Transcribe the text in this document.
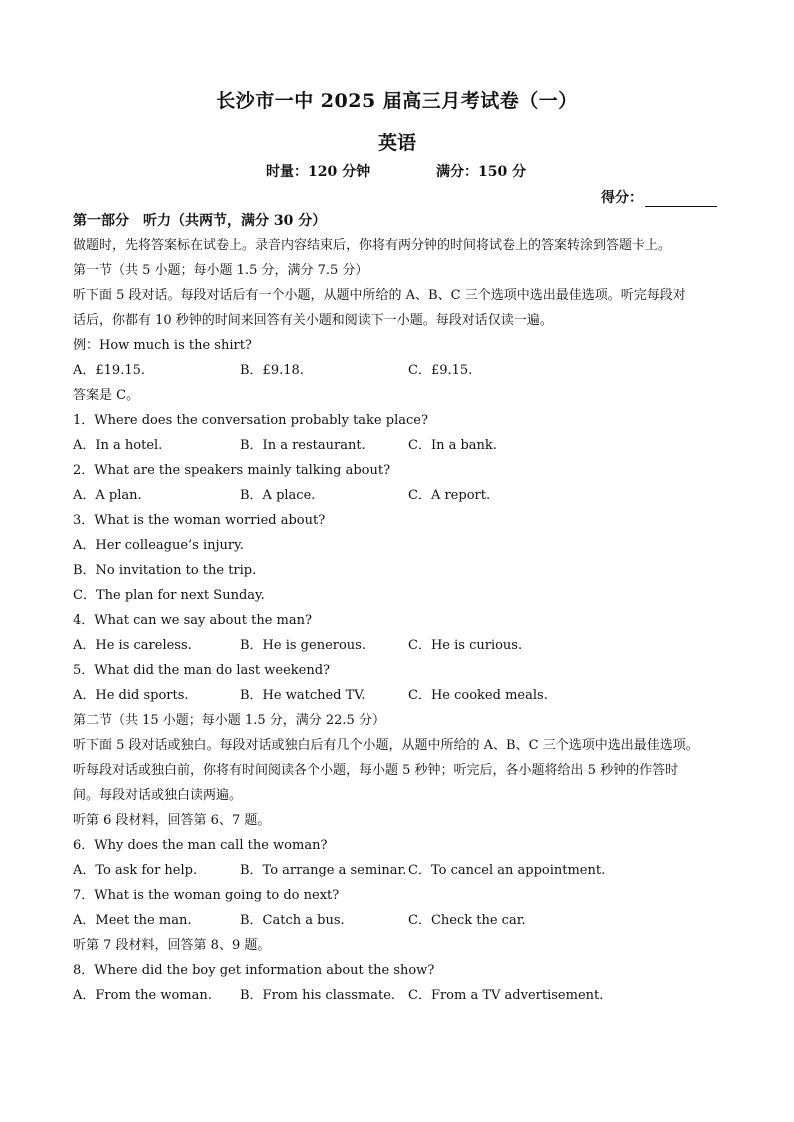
长沙市一中 2025 届高三月考试卷（一）
英语
时量：120 分钟	满分：150 分
得分：
第一部分　听力（共两节，满分 30 分）
做题时，先将答案标在试卷上。录音内容结束后，你将有两分钟的时间将试卷上的答案转涂到答题卡上。
第一节（共 5 小题；每小题 1.5 分，满分 7.5 分）
听下面 5 段对话。每段对话后有一个小题，从题中所给的 A、B、C 三个选项中选出最佳选项。听完每段对
话后，你都有 10 秒钟的时间来回答有关小题和阅读下一小题。每段对话仅读一遍。
例：How much is the shirt?
A．£19.15.	B．£9.18.	C．£9.15.
答案是 C。
1．Where does the conversation probably take place?
A．In a hotel.	B．In a restaurant.	C．In a bank.
2．What are the speakers mainly talking about?
A．A plan.	B．A place.	C．A report.
3．What is the woman worried about?
A．Her colleague’s injury.
B．No invitation to the trip.
C．The plan for next Sunday.
4．What can we say about the man?
A．He is careless.	B．He is generous.	C．He is curious.
5．What did the man do last weekend?
A．He did sports.	B．He watched TV.	C．He cooked meals.
第二节（共 15 小题；每小题 1.5 分，满分 22.5 分）
听下面 5 段对话或独白。每段对话或独白后有几个小题，从题中所给的 A、B、C 三个选项中选出最佳选项。
听每段对话或独白前，你将有时间阅读各个小题，每小题 5 秒钟；听完后，各小题将给出 5 秒钟的作答时
间。每段对话或独白读两遍。
听第 6 段材料，回答第 6、7 题。
6．Why does the man call the woman?
A．To ask for help.	B．To arrange a seminar. C．To cancel an appointment.
7．What is the woman going to do next?
A．Meet the man.	B．Catch a bus.	C．Check the car.
听第 7 段材料，回答第 8、9 题。
8．Where did the boy get information about the show?
A．From the woman. B．From his classmate. C．From a TV advertisement.
